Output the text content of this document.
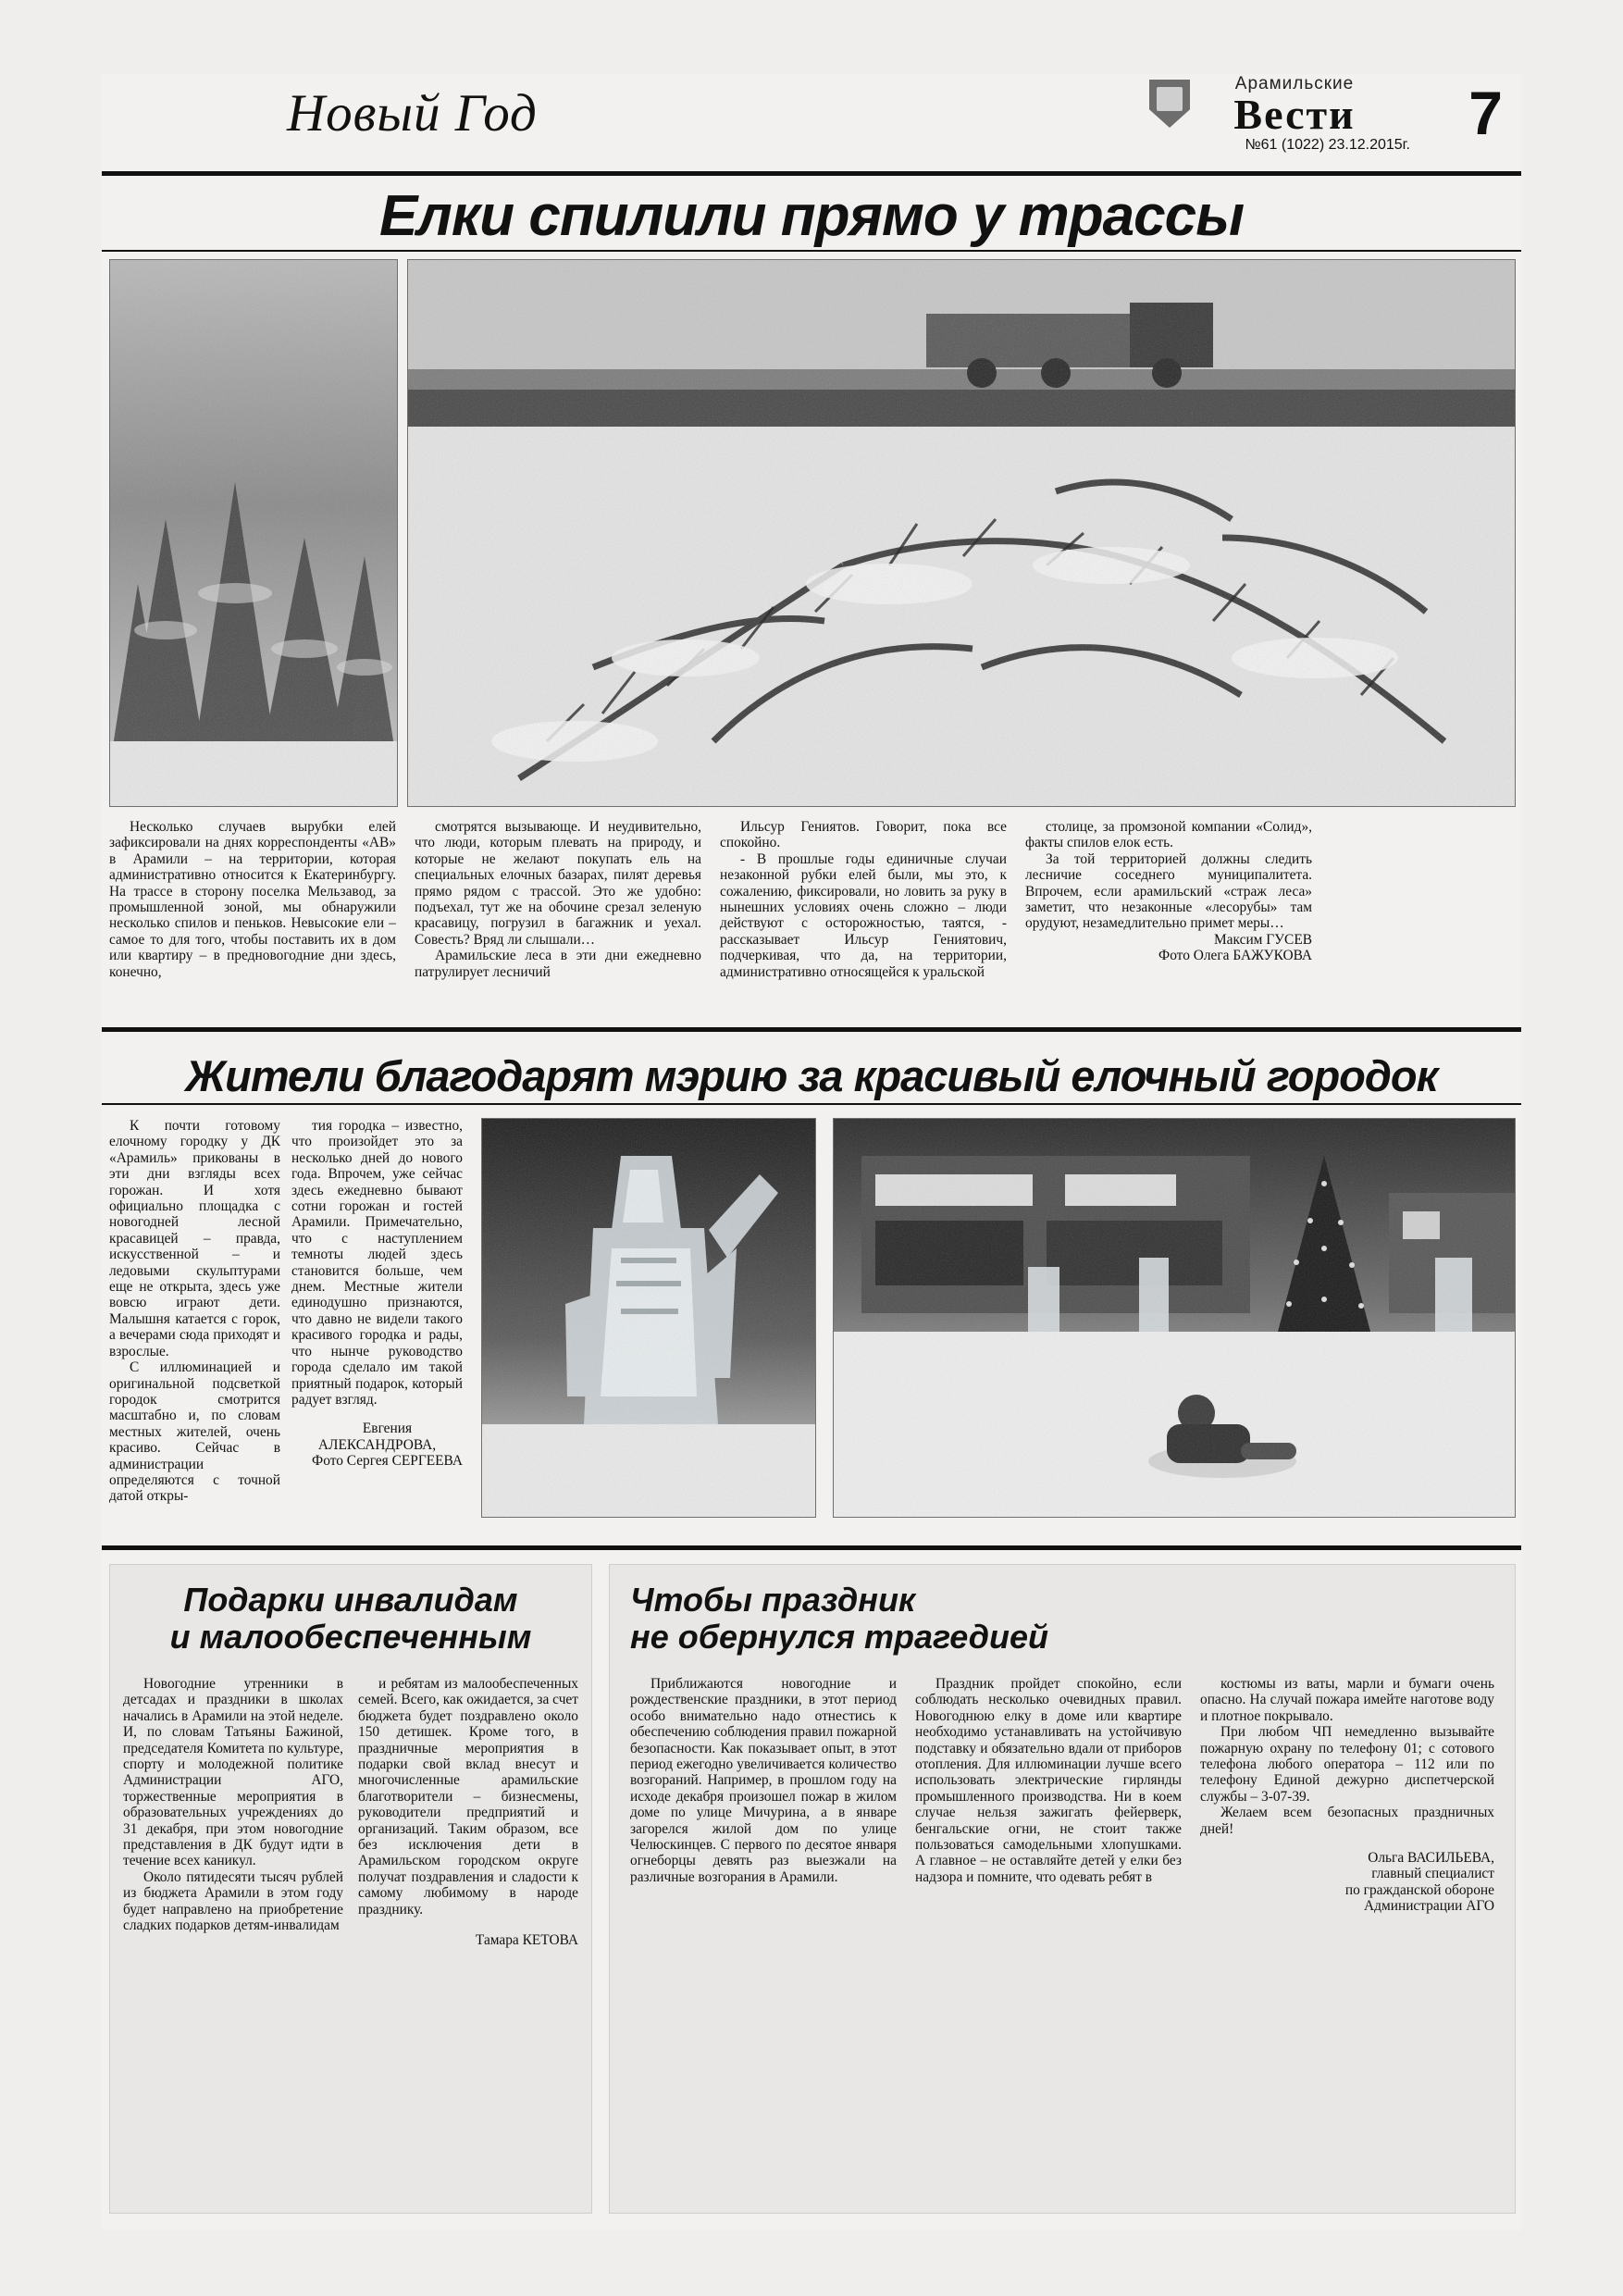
Новый Год
Арамильские
Вести
№61 (1022) 23.12.2015г. 7
Елки спилили прямо у трассы

Несколько случаев вырубки елей зафиксировали на днях корреспонденты «АВ» в Арамили – на территории, которая административно относится к Екатеринбургу. На трассе в сторону поселка Мельзавод, за промышленной зоной, мы обнаружили несколько спилов и пеньков. Невысокие ели – самое то для того, чтобы поставить их в дом или квартиру – в предновогодние дни здесь, конечно,

смотрятся вызывающе. И неудивительно, что люди, которым плевать на природу, и которые не желают покупать ель на специальных елочных базарах, пилят деревья прямо рядом с трассой. Это же удобно: подъехал, тут же на обочине срезал зеленую красавицу, погрузил в багажник и уехал. Совесть? Вряд ли слышали…

Арамильские леса в эти дни ежедневно патрулирует лесничий

Ильсур Гениятов. Говорит, пока все спокойно.

- В прошлые годы единичные случаи незаконной рубки елей были, мы это, к сожалению, фиксировали, но ловить за руку в нынешних условиях очень сложно – люди действуют с осторожностью, таятся, - рассказывает Ильсур Гениятович, подчеркивая, что да, на территории, административно относящейся к уральской

столице, за промзоной компании «Солид», факты спилов елок есть.

За той территорией должны следить лесничие соседнего муниципалитета. Впрочем, если арамильский «страж леса» заметит, что незаконные «лесорубы» там орудуют, незамедлительно примет меры…

Максим ГУСЕВ

Фото Олега БАЖУКОВА

Жители благодарят мэрию за красивый елочный городок

К почти готовому елочному городку у ДК «Арамиль» прикованы в эти дни взгляды всех горожан. И хотя официально площадка с новогодней лесной красавицей – правда, искусственной – и ледовыми скульптурами еще не открыта, здесь уже вовсю играют дети. Малышня катается с горок, а вечерами сюда приходят и взрослые.

С иллюминацией и оригинальной подсветкой городок смотрится масштабно и, по словам местных жителей, очень красиво. Сейчас в администрации определяются с точной датой откры-

тия городка – известно, что произойдет это за несколько дней до нового года. Впрочем, уже сейчас здесь ежедневно бывают сотни горожан и гостей Арамили. Примечательно, что с наступлением темноты людей здесь становится больше, чем днем. Местные жители единодушно признаются, что давно не видели такого красивого городка и рады, что нынче руководство города сделало им такой приятный подарок, который радует взгляд.

Евгения АЛЕКСАНДРОВА,

Фото Сергея СЕРГЕЕВА

Подарки инвалидам
и малообеспеченным

Новогодние утренники в детсадах и праздники в школах начались в Арамили на этой неделе. И, по словам Татьяны Бажиной, председателя Комитета по культуре, спорту и молодежной политике Администрации АГО, торжественные мероприятия в образовательных учреждениях до 31 декабря, при этом новогодние представления в ДК будут идти в течение всех каникул.

Около пятидесяти тысяч рублей из бюджета Арамили в этом году будет направлено на приобретение сладких подарков детям-инвалидам

и ребятам из малообеспеченных семей. Всего, как ожидается, за счет бюджета будет поздравлено около 150 детишек. Кроме того, в праздничные мероприятия в подарки свой вклад внесут и многочисленные арамильские благотворители – бизнесмены, руководители предприятий и организаций. Таким образом, все без исключения дети в Арамильском городском округе получат поздравления и сладости к самому любимому в народе празднику.

Тамара КЕТОВА

Чтобы праздник
не обернулся трагедией

Приближаются новогодние и рождественские праздники, в этот период особо внимательно надо отнестись к обеспечению соблюдения правил пожарной безопасности. Как показывает опыт, в этот период ежегодно увеличивается количество возгораний. Например, в прошлом году на исходе декабря произошел пожар в жилом доме по улице Мичурина, а в январе загорелся жилой дом по улице Челюскинцев. С первого по десятое января огнеборцы девять раз выезжали на различные возгорания в Арамили.

Праздник пройдет спокойно, если соблюдать несколько очевидных правил. Новогоднюю елку в доме или квартире необходимо устанавливать на устойчивую подставку и обязательно вдали от приборов отопления. Для иллюминации лучше всего использовать электрические гирлянды промышленного производства. Ни в коем случае нельзя зажигать фейерверк, бенгальские огни, не стоит также пользоваться самодельными хлопушками. А главное – не оставляйте детей у елки без надзора и помните, что одевать ребят в

костюмы из ваты, марли и бумаги очень опасно. На случай пожара имейте наготове воду и плотное покрывало.

При любом ЧП немедленно вызывайте пожарную охрану по телефону 01; с сотового телефона любого оператора – 112 или по телефону Единой дежурно диспетчерской службы – 3-07-39.

Желаем всем безопасных праздничных дней!

Ольга ВАСИЛЬЕВА,

главный специалист

по гражданской обороне

Администрации АГО
